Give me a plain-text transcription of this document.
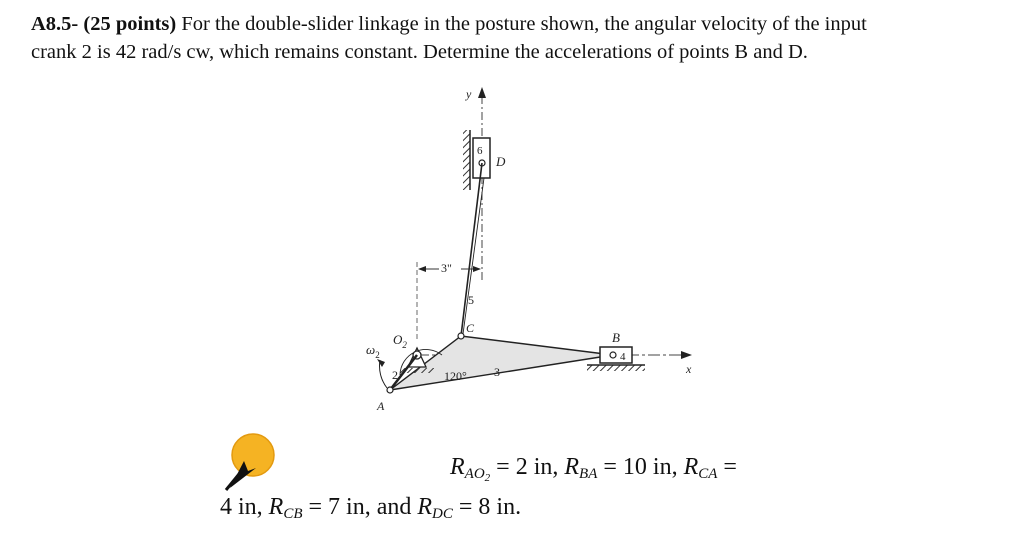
A8.5- (25 points) For the double-slider linkage in the posture shown, the angular velocity of the input
crank 2 is 42 rad/s cw, which remains constant. Determine the accelerations of points B and D.
y
6
D
5
3"
x
3
120°
4
B
C
$O_2$
2
A
$\omega_2$
$R_{AO_2} = 2$ in, $R_{BA} = 10$ in, $R_{CA}$ =
4 in, $R_{CB} = 7$ in, and $R_{DC} = 8$ in.
